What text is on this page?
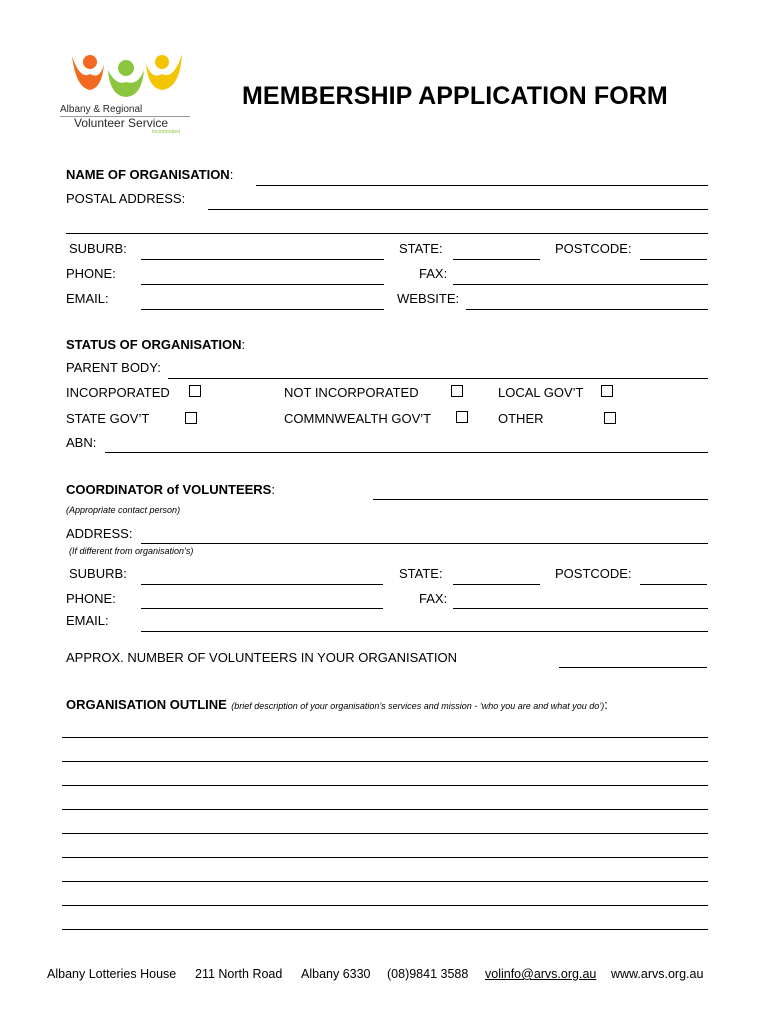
Albany & Regional
Volunteer Service
Incorporated
MEMBERSHIP APPLICATION FORM
NAME OF ORGANISATION:
POSTAL ADDRESS:
SUBURB:	STATE:	POSTCODE:
PHONE:	FAX:
EMAIL:	WEBSITE:
STATUS OF ORGANISATION:
PARENT BODY:
INCORPORATED	NOT INCORPORATED	LOCAL GOV’T
STATE GOV’T	COMMNWEALTH GOV’T	OTHER
ABN:
COORDINATOR of VOLUNTEERS:
(Appropriate contact person)
ADDRESS:
(If different from organisation’s)
SUBURB:	STATE:	POSTCODE:
PHONE:	FAX:
EMAIL:
APPROX. NUMBER OF VOLUNTEERS IN YOUR ORGANISATION
ORGANISATION OUTLINE (brief description of your organisation’s services and mission - ‘who you are and what you do’):
Albany Lotteries House 211 North Road Albany 6330 (08)9841 3588 volinfo@arvs.org.au www.arvs.org.au
